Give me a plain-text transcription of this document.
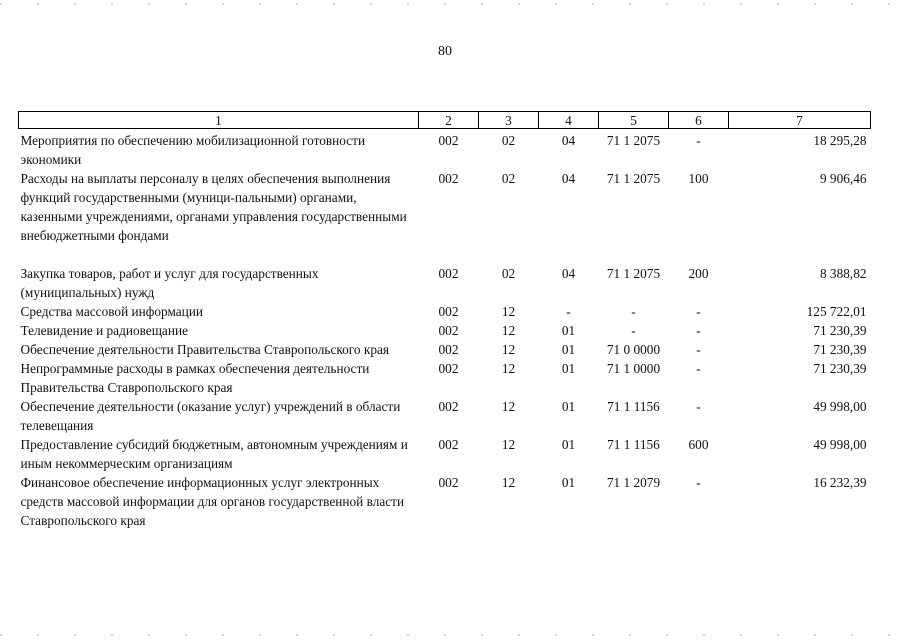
80
1	2	3	4	5	6	7
Мероприятия по обеспечению мобилизационной готовности экономики	002	02	04	71 1 2075	-	18 295,28
Расходы на выплаты персоналу в целях обеспечения выполнения функций государственными (муници-пальными) органами, казенными учреждениями, органами управления государственными внебюджетными фондами	002	02	04	71 1 2075	100	9 906,46
Закупка товаров, работ и услуг для государственных (муниципальных) нужд	002	02	04	71 1 2075	200	8 388,82
Средства массовой информации	002	12	-	-	-	125 722,01
Телевидение и радиовещание	002	12	01	-	-	71 230,39
Обеспечение деятельности Правительства Ставропольского края	002	12	01	71 0 0000	-	71 230,39
Непрограммные расходы в рамках обеспечения деятельности Правительства Ставропольского края	002	12	01	71 1 0000	-	71 230,39
Обеспечение деятельности (оказание услуг) учреждений в области телевещания	002	12	01	71 1 1156	-	49 998,00
Предоставление субсидий бюджетным, автономным учреждениям и иным некоммерческим организациям	002	12	01	71 1 1156	600	49 998,00
Финансовое обеспечение информационных услуг электронных средств массовой информации для органов государственной власти Ставропольского края	002	12	01	71 1 2079	-	16 232,39
